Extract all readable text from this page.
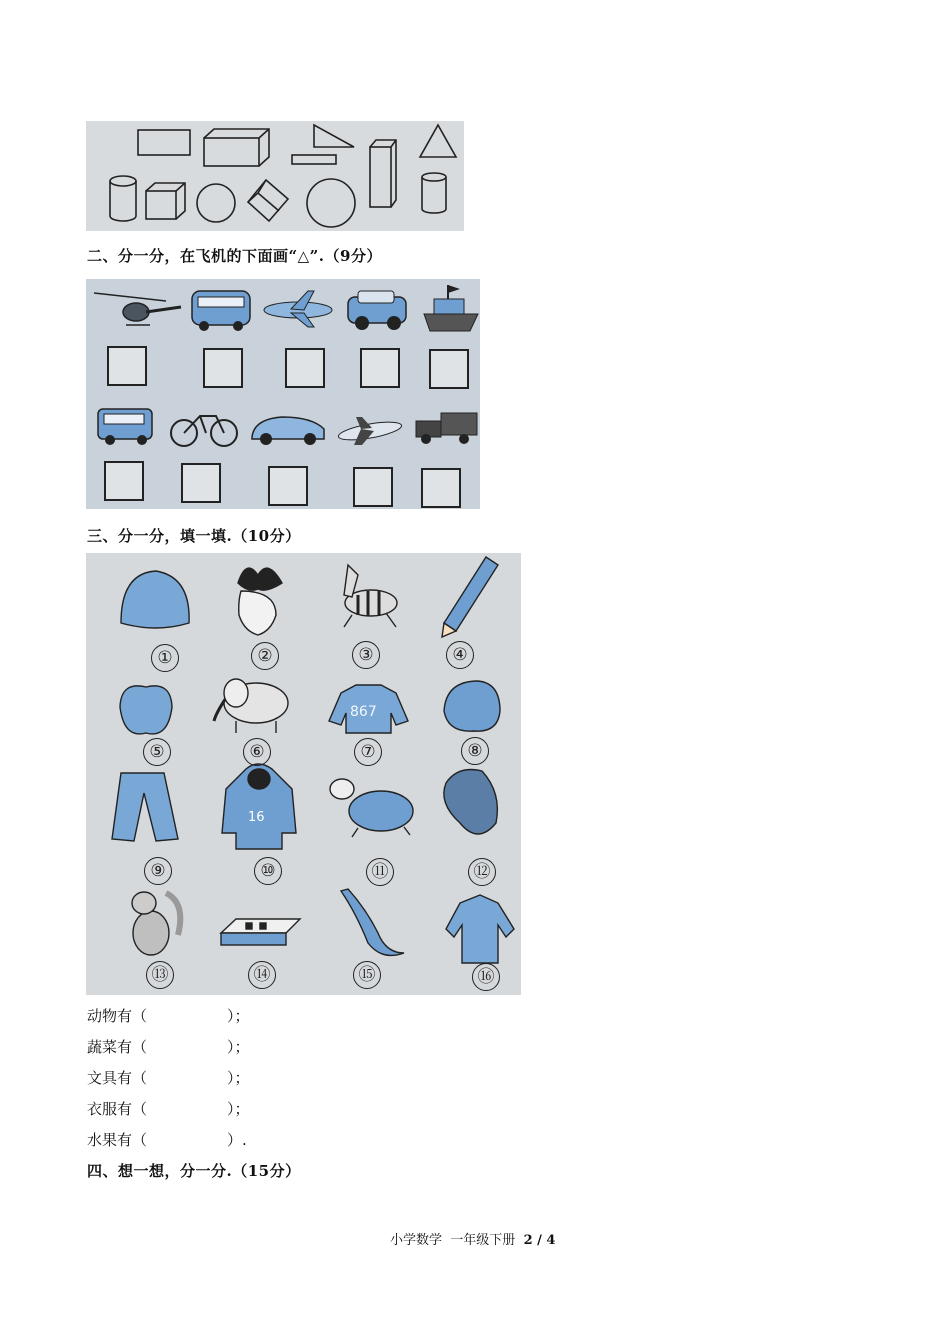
二、分一分，在飞机的下面画“△”.（9分）
三、分一分，填一填.（10分）
867
16
①	②	③	④
⑤	⑥	⑦	⑧
⑨	⑩	⑪	⑫
⑬	⑭	⑮	⑯
动物有（	）；
蔬菜有（	）；
文具有（	）；
衣服有（	）；
水果有（	）.
四、想一想，分一分.（15分）
小学数学 一年级下册 2 / 4
